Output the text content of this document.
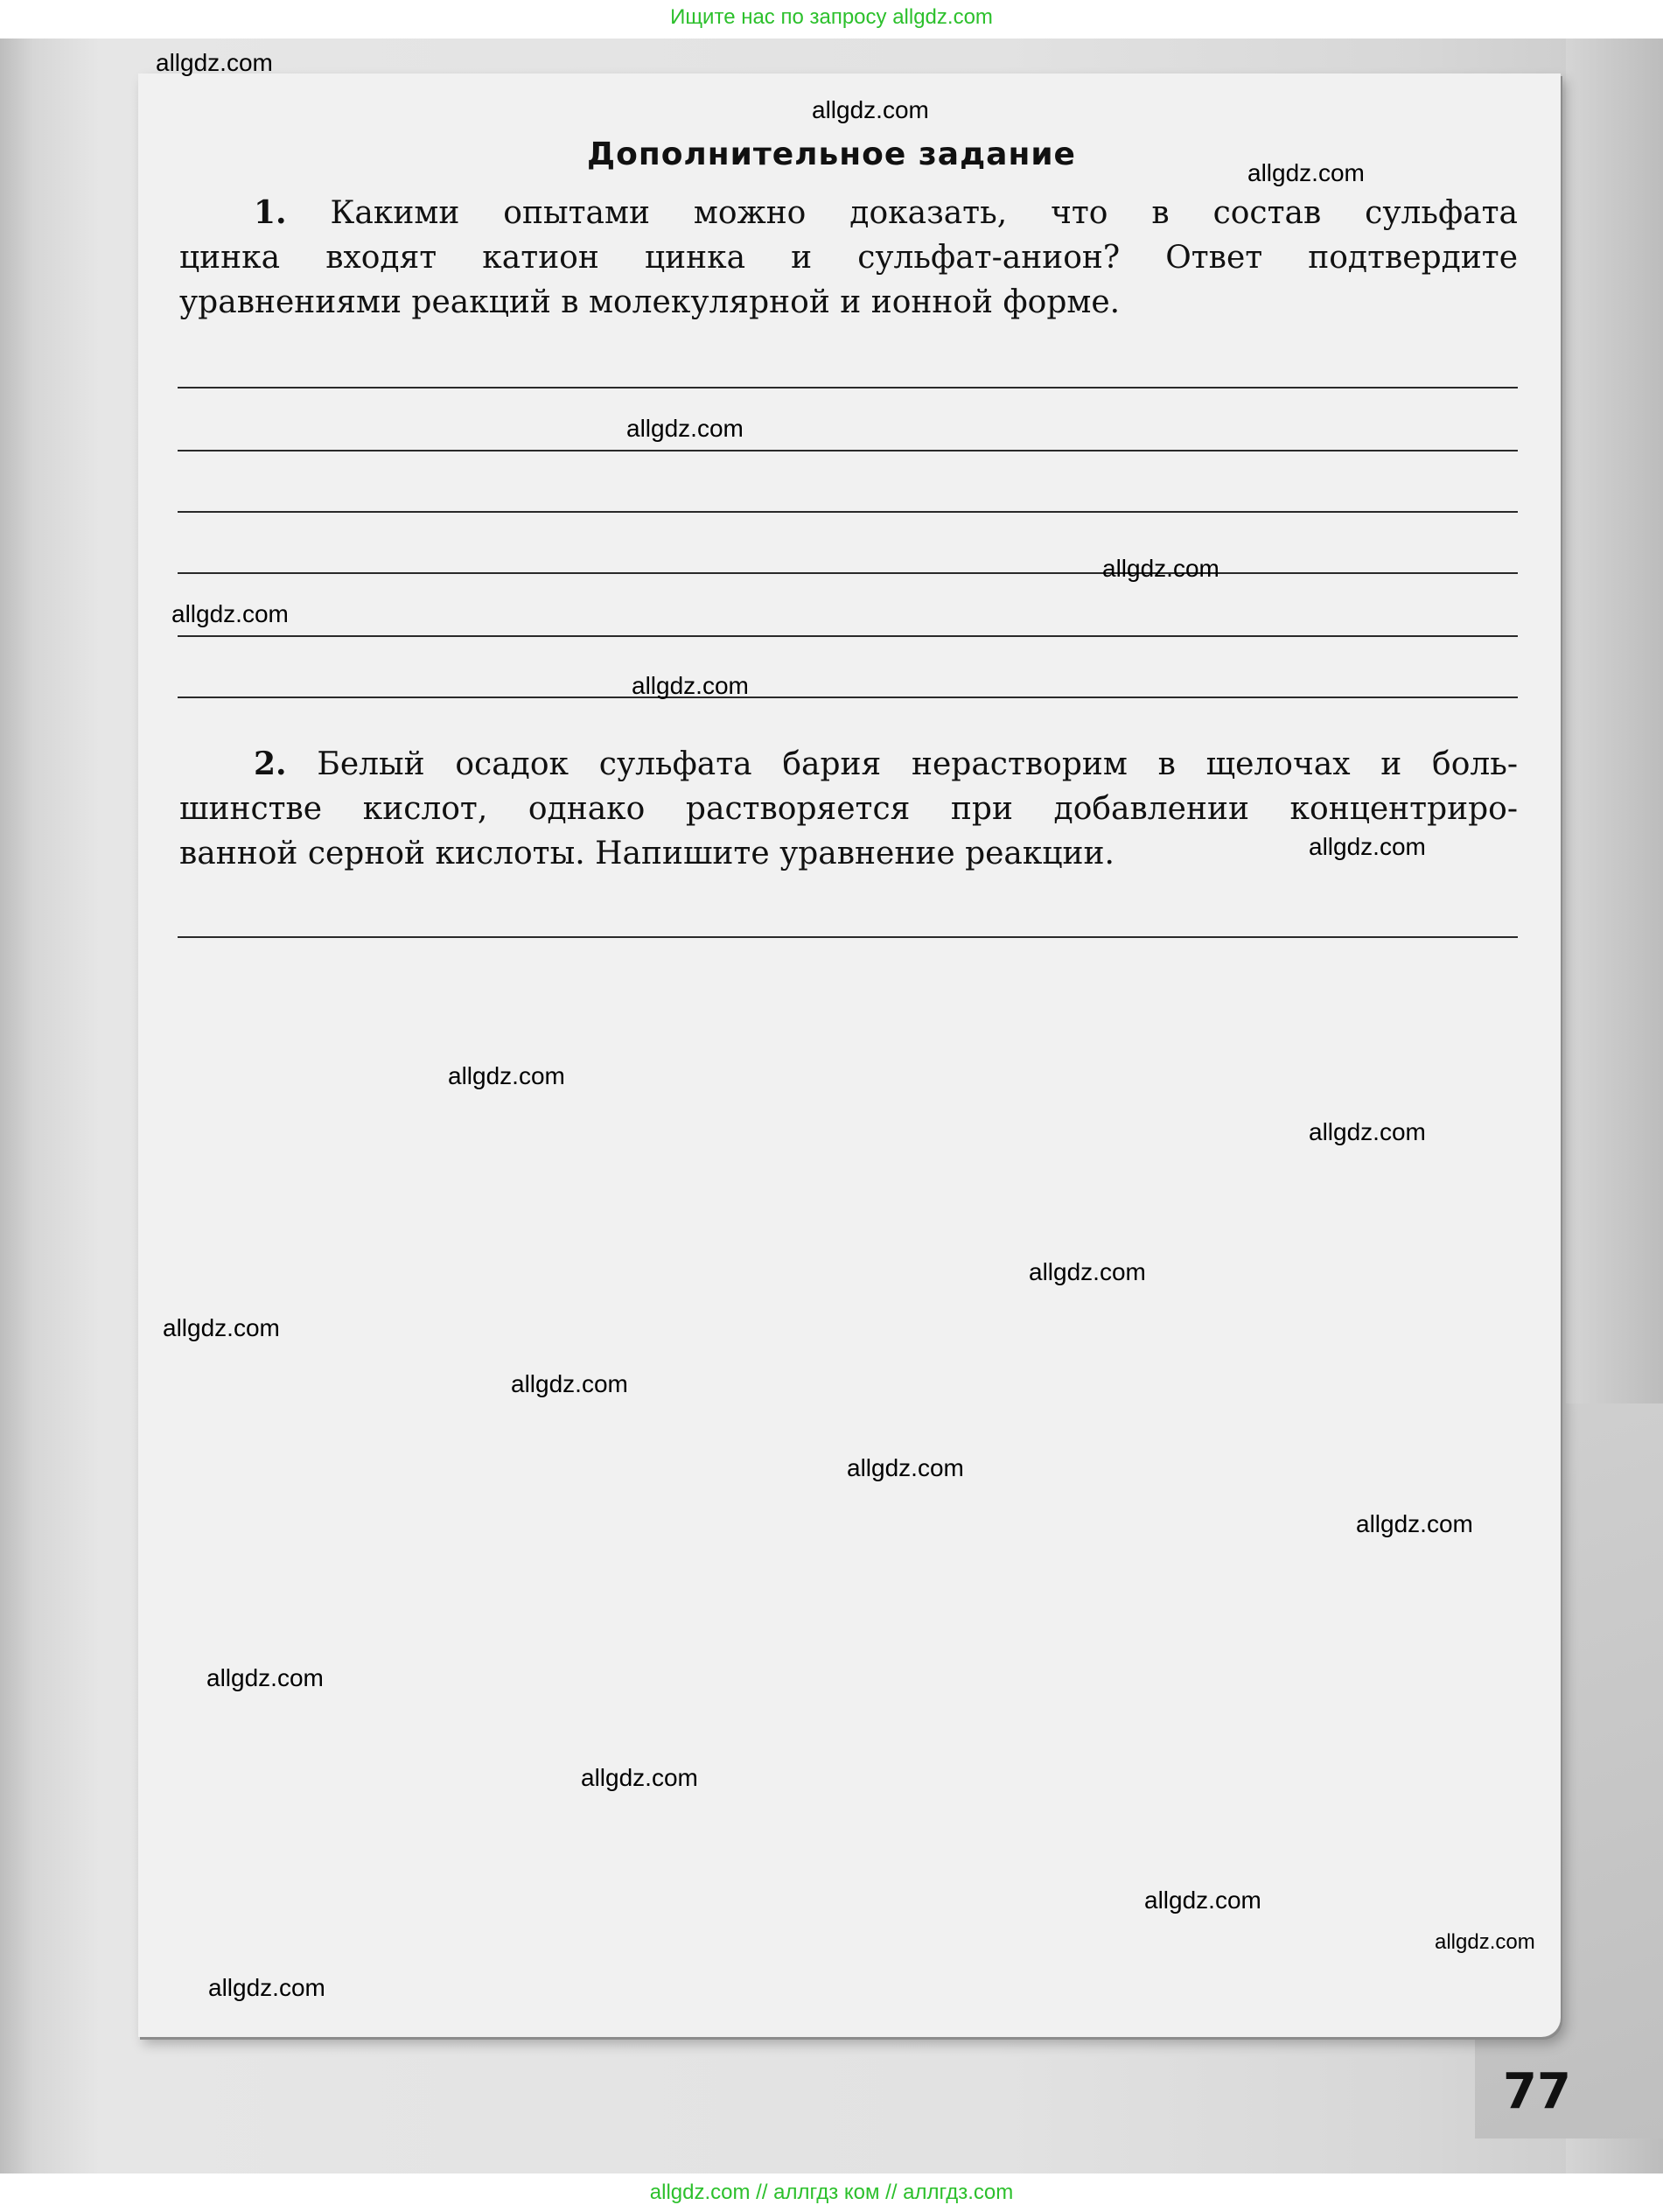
Ищите нас по запросу allgdz.com
Дополнительное задание
1. Какими опытами можно доказать, что в состав сульфата
цинка входят катион цинка и сульфат-анион? Ответ подтвердите
уравнениями реакций в молекулярной и ионной форме.
2. Белый осадок сульфата бария нерастворим в щелочах и боль-
шинстве кислот, однако растворяется при добавлении концентриро-
ванной серной кислоты. Напишите уравнение реакции.
allgdz.com
allgdz.com
allgdz.com
allgdz.com
allgdz.com
allgdz.com
allgdz.com
allgdz.com
allgdz.com
allgdz.com
allgdz.com
allgdz.com
allgdz.com
allgdz.com
allgdz.com
allgdz.com
allgdz.com
allgdz.com
allgdz.com
allgdz.com
77
allgdz.com // аллгдз ком // аллгдз.com
